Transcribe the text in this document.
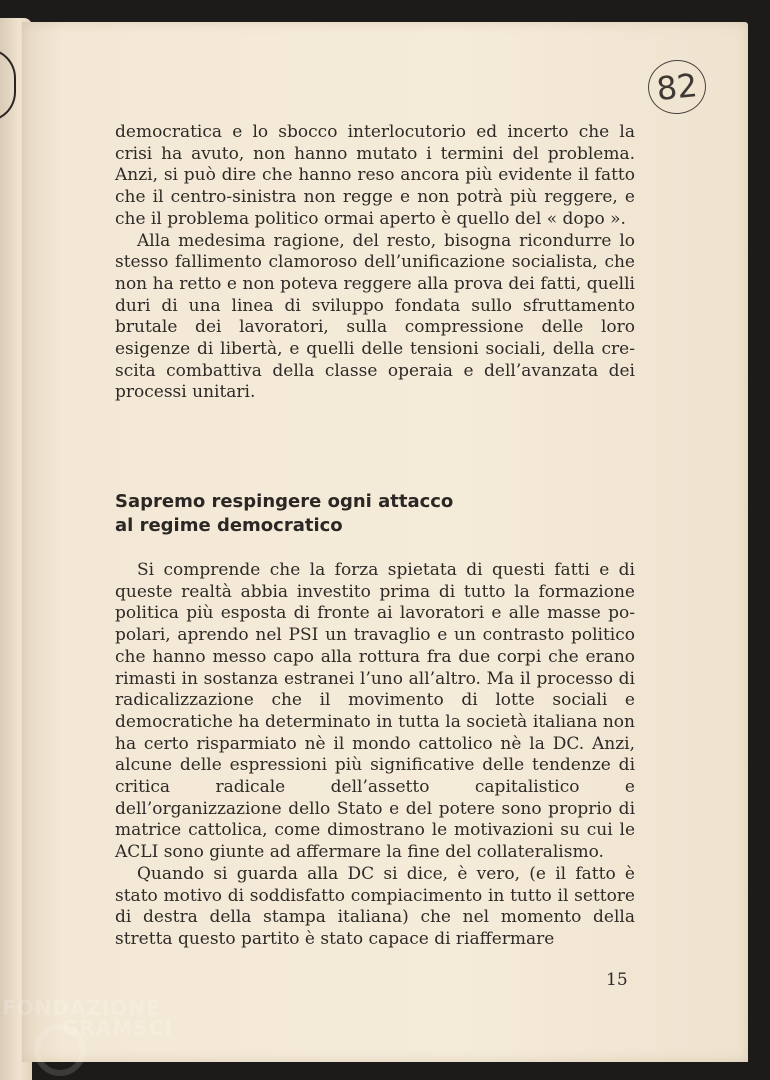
82

democratica e lo sbocco interlocutorio ed incerto che la crisi ha avuto, non hanno mutato i termini del problema. Anzi, si può dire che hanno reso ancora più evidente il fatto che il centro-sinistra non regge e non potrà più reggere, e che il problema politico ormai aperto è quello del « dopo ».

Alla medesima ragione, del resto, bisogna ricondurre lo stesso fallimento clamoroso dell’unificazione socialista, che non ha retto e non poteva reggere alla prova dei fatti, quelli duri di una linea di sviluppo fondata sullo sfruttamento brutale dei lavoratori, sulla compressione delle loro esigenze di libertà, e quelli delle tensioni sociali, della crescita combattiva della classe operaia e dell’avanzata dei processi unitari.

Sapremo respingere ogni attacco
al regime democratico

Si comprende che la forza spietata di questi fatti e di queste realtà abbia investito prima di tutto la formazione politica più esposta di fronte ai lavoratori e alle masse popolari, aprendo nel PSI un travaglio e un contrasto politico che hanno messo capo alla rottura fra due corpi che erano rimasti in sostanza estranei l’uno all’altro. Ma il processo di radicalizzazione che il movimento di lotte sociali e democratiche ha determinato in tutta la società italiana non ha certo risparmiato nè il mondo cattolico nè la DC. Anzi, alcune delle espressioni più significative delle tendenze di critica radicale dell’assetto capitalistico e dell’organizzazione dello Stato e del potere sono proprio di matrice cattolica, come dimostrano le motivazioni su cui le ACLI sono giunte ad affermare la fine del collateralismo.

Quando si guarda alla DC si dice, è vero, (e il fatto è stato motivo di soddisfatto compiacimento in tutto il settore di destra della stampa italiana) che nel momento della stretta questo partito è stato capace di riaffermare

15
FONDAZIONE
GRAMSCI
